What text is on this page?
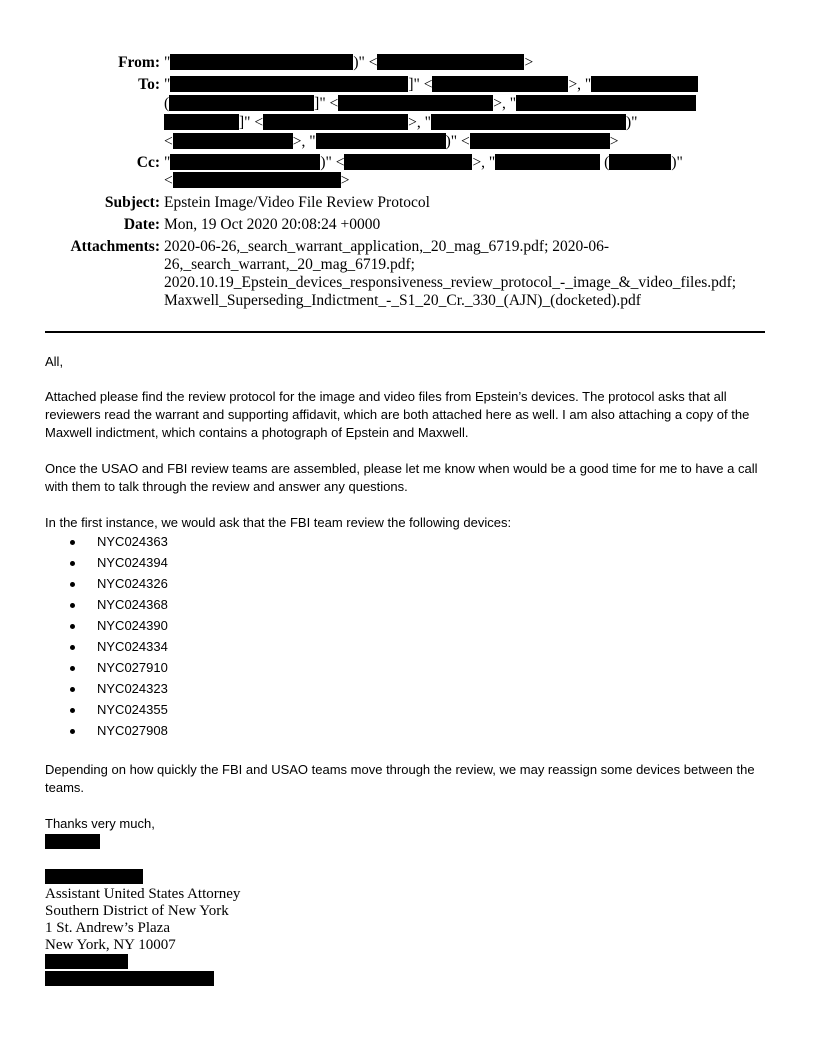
From: "	)" <	>
To: "	]" <	>, "
(	]" <	>, "
]" <	>, "	)"
<	>, "	)" <	>
Cc: "	)" <	>, "	(	)"
<	>
Subject: Epstein Image/Video File Review Protocol
Date: Mon, 19 Oct 2020 20:08:24 +0000
Attachments: 2020-06-26,_search_warrant_application,_20_mag_6719.pdf; 2020-06-
26,_search_warrant,_20_mag_6719.pdf;
2020.10.19_Epstein_devices_responsiveness_review_protocol_-_image_&_video_files.pdf;
Maxwell_Superseding_Indictment_-_S1_20_Cr._330_(AJN)_(docketed).pdf
All,
Attached please find the review protocol for the image and video files from Epstein’s devices. The protocol asks that all reviewers read the warrant and supporting affidavit, which are both attached here as well. I am also attaching a copy of the Maxwell indictment, which contains a photograph of Epstein and Maxwell.
Once the USAO and FBI review teams are assembled, please let me know when would be a good time for me to have a call with them to talk through the review and answer any questions.
In the first instance, we would ask that the FBI team review the following devices:
NYC024363
NYC024394
NYC024326
NYC024368
NYC024390
NYC024334
NYC027910
NYC024323
NYC024355
NYC027908
Depending on how quickly the FBI and USAO teams move through the review, we may reassign some devices between the teams.
Thanks very much,
Assistant United States Attorney
Southern District of New York
1 St. Andrew’s Plaza
New York, NY 10007
